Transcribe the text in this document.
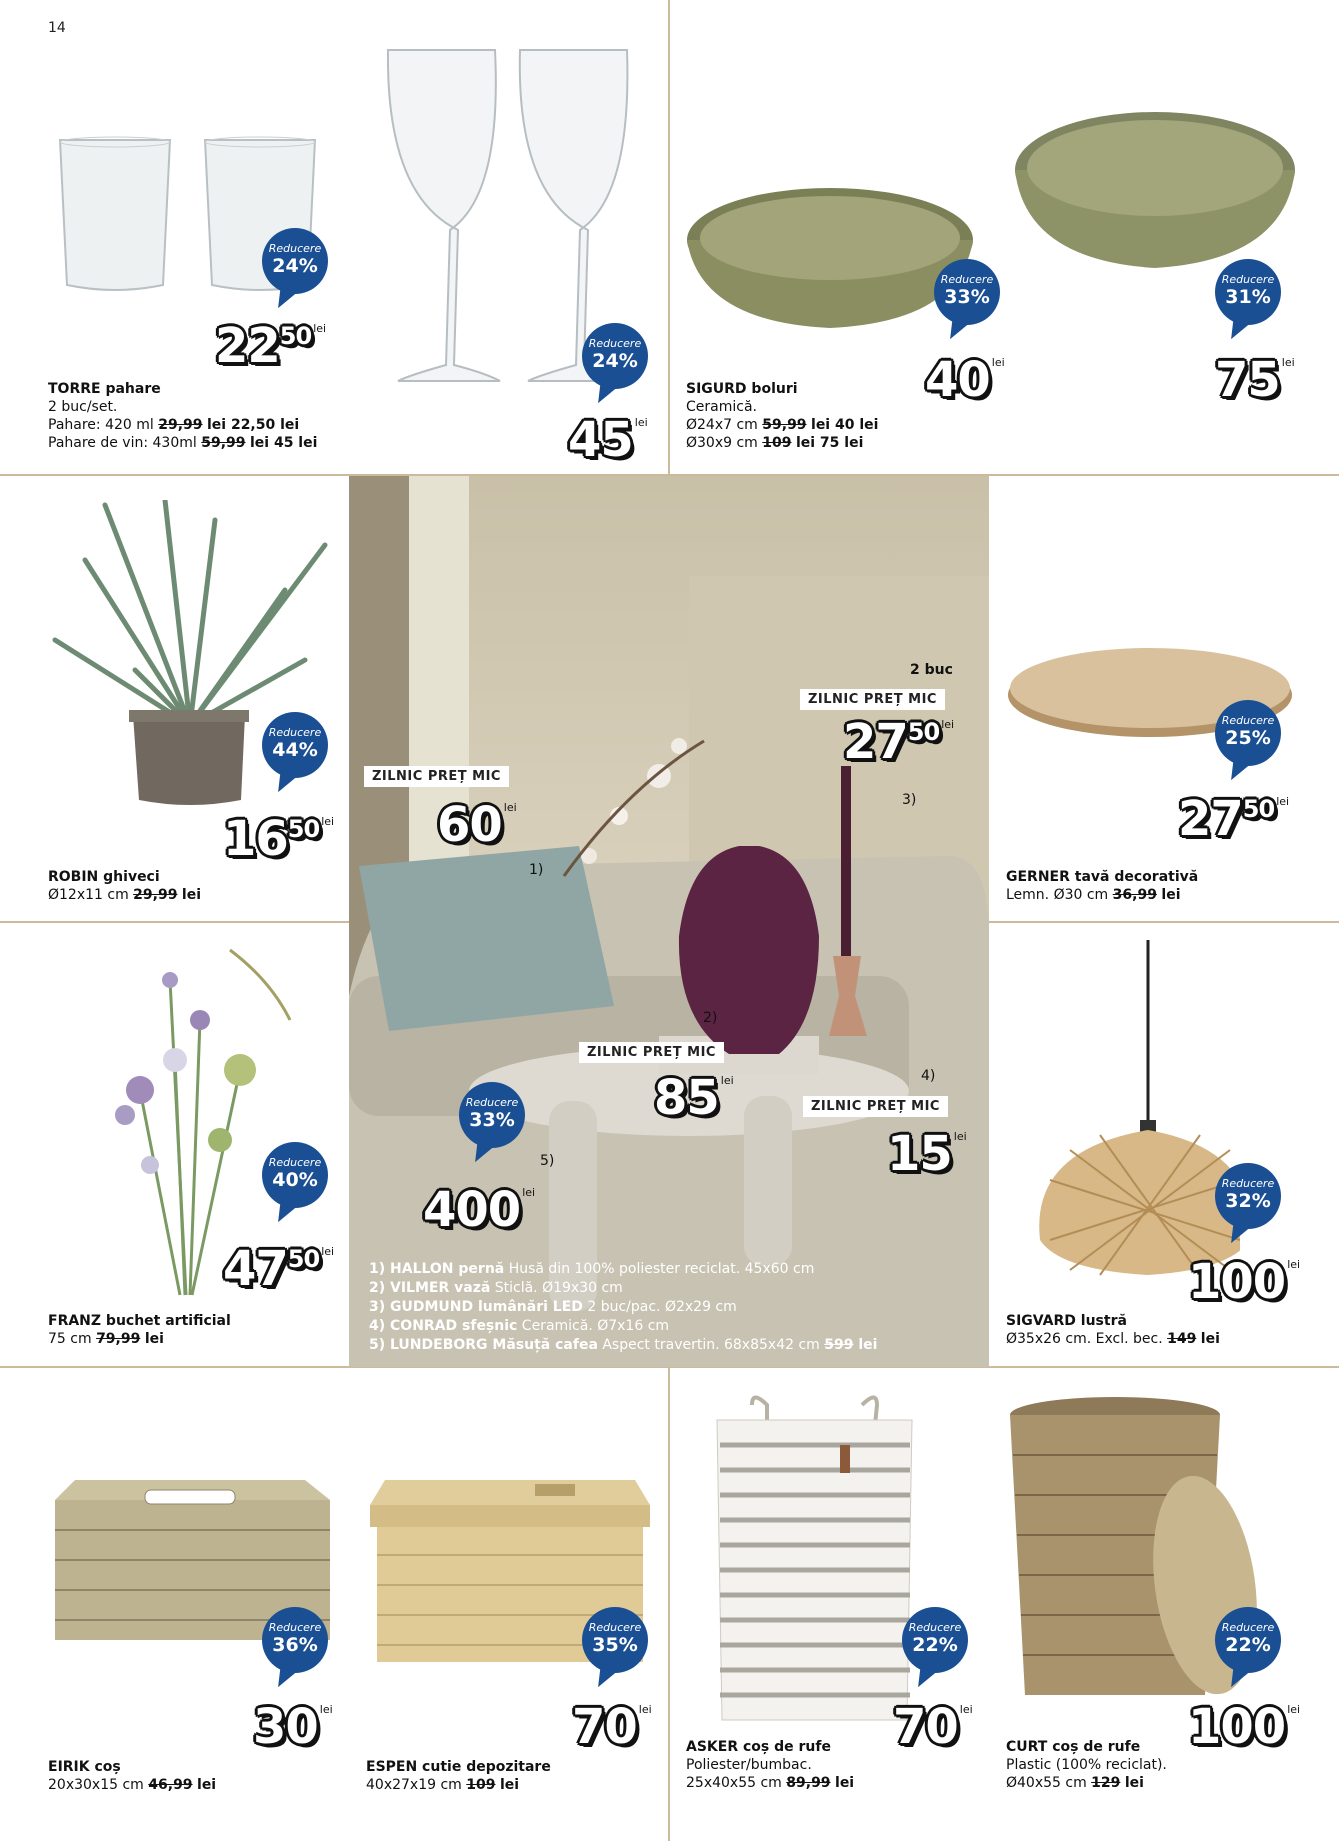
14
Reducere
24%
Reducere
24%
$22^{50}$ $^{lei}$
45 $^{lei}$
TORRE pahare
2 buc/set.
Pahare: 420 ml 29,99 lei 22,50 lei
Pahare de vin: 430ml 59,99 lei 45 lei
Reducere
33%
Reducere
31%
40 $^{lei}$	75 $^{lei}$
SIGURD boluri
Ceramică.
Ø24x7 cm 59,99 lei 40 lei
Ø30x9 cm 109 lei 75 lei
Reducere
44%
$16^{50}$ $^{lei}$
ROBIN ghiveci
Ø12x11 cm 29,99 lei
Reducere
40%
$47^{50}$ $^{lei}$
FRANZ buchet artificial
75 cm 79,99 lei
2 buc
ZILNIC PREȚ MIC
$27^{50}$ $^{lei}$
ZILNIC PREȚ MIC
60 $^{lei}$	3)
1)
2)
ZILNIC PREȚ MIC
85 $^{lei}$	4)
ZILNIC PREȚ MIC
15 $^{lei}$
Reducere
33%
5)
400 $^{lei}$
1) HALLON pernă Husă din 100% poliester reciclat. 45x60 cm
2) VILMER vază Sticlă. Ø19x30 cm
3) GUDMUND lumânări LED 2 buc/pac. Ø2x29 cm
4) CONRAD sfeșnic Ceramică. Ø7x16 cm
5) LUNDEBORG Măsuță cafea Aspect travertin. 68x85x42 cm 599 lei
Reducere
25%
$27^{50}$ $^{lei}$
GERNER tavă decorativă
Lemn. Ø30 cm 36,99 lei
Reducere
32%
100 $^{lei}$
SIGVARD lustră
Ø35x26 cm. Excl. bec. 149 lei
Reducere
36%
30 $^{lei}$
EIRIK coș
20x30x15 cm 46,99 lei
Reducere
35%
70 $^{lei}$
ESPEN cutie depozitare
40x27x19 cm 109 lei
Reducere
22%
70 $^{lei}$
ASKER coș de rufe
Poliester/bumbac.
25x40x55 cm 89,99 lei
Reducere
22%
100 $^{lei}$
CURT coș de rufe
Plastic (100% reciclat).
Ø40x55 cm 129 lei
